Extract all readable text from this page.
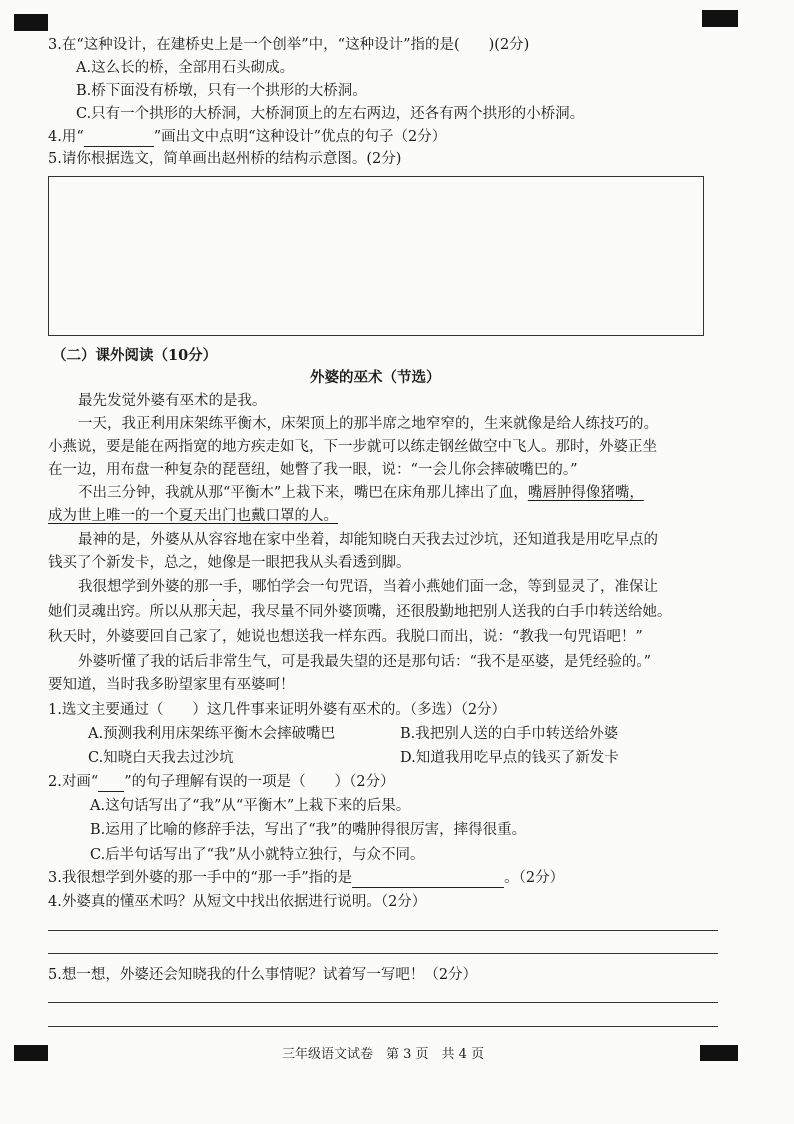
3.在“这种设计，在建桥史上是一个创举”中，“这种设计”指的是(　　)(2分)
A.这么长的桥，全部用石头砌成。
B.桥下面没有桥墩，只有一个拱形的大桥洞。
C.只有一个拱形的大桥洞，大桥洞顶上的左右两边，还各有两个拱形的小桥洞。
4.用“	”画出文中点明“这种设计”优点的句子（2分）
5.请你根据选文，简单画出赵州桥的结构示意图。(2分)
（二）课外阅读（10分）
外婆的巫术（节选）
最先发觉外婆有巫术的是我。
一天，我正利用床架练平衡木，床架顶上的那半席之地窄窄的，生来就像是给人练技巧的。
小燕说，要是能在两指宽的地方疾走如飞，下一步就可以练走钢丝做空中飞人。那时，外婆正坐
在一边，用布盘一种复杂的琵琶纽，她瞥了我一眼，说：“一会儿你会摔破嘴巴的。”
不出三分钟，我就从那“平衡木”上栽下来，嘴巴在床角那儿摔出了血，嘴唇肿得像猪嘴，
成为世上唯一的一个夏天出门也戴口罩的人。
最神的是，外婆从从容容地在家中坐着，却能知晓白天我去过沙坑，还知道我是用吃早点的
钱买了个新发卡，总之，她像是一眼把我从头看透到脚。
我很想学到外婆的那一手，哪怕学会一句咒语，当着小燕她们面一念，等到显灵了，准保让
她们灵魂出窍。所以从那天起，我尽量不同外婆顶嘴，还很殷勤地把别人送我的白手巾转送给她。
秋天时，外婆要回自己家了，她说也想送我一样东西。我脱口而出，说：“教我一句咒语吧！”
外婆听懂了我的话后非常生气，可是我最失望的还是那句话：“我不是巫婆，是凭经验的。”
要知道，当时我多盼望家里有巫婆呵！
1.选文主要通过（　　）这几件事来证明外婆有巫术的。（多选）（2分）
A.预测我利用床架练平衡木会摔破嘴巴	B.我把别人送的白手巾转送给外婆
C.知晓白天我去过沙坑	D.知道我用吃早点的钱买了新发卡
2.对画“ ”的句子理解有误的一项是（　　）（2分）
A.这句话写出了“我”从“平衡木”上栽下来的后果。
B.运用了比喻的修辞手法，写出了“我”的嘴肿得很厉害，摔得很重。
C.后半句话写出了“我”从小就特立独行，与众不同。
3.我很想学到外婆的那一手中的“那一手”指的是	。（2分）
4.外婆真的懂巫术吗？从短文中找出依据进行说明。（2分）
5.想一想，外婆还会知晓我的什么事情呢？试着写一写吧！（2分）
三年级语文试卷　第 3 页　共 4 页
